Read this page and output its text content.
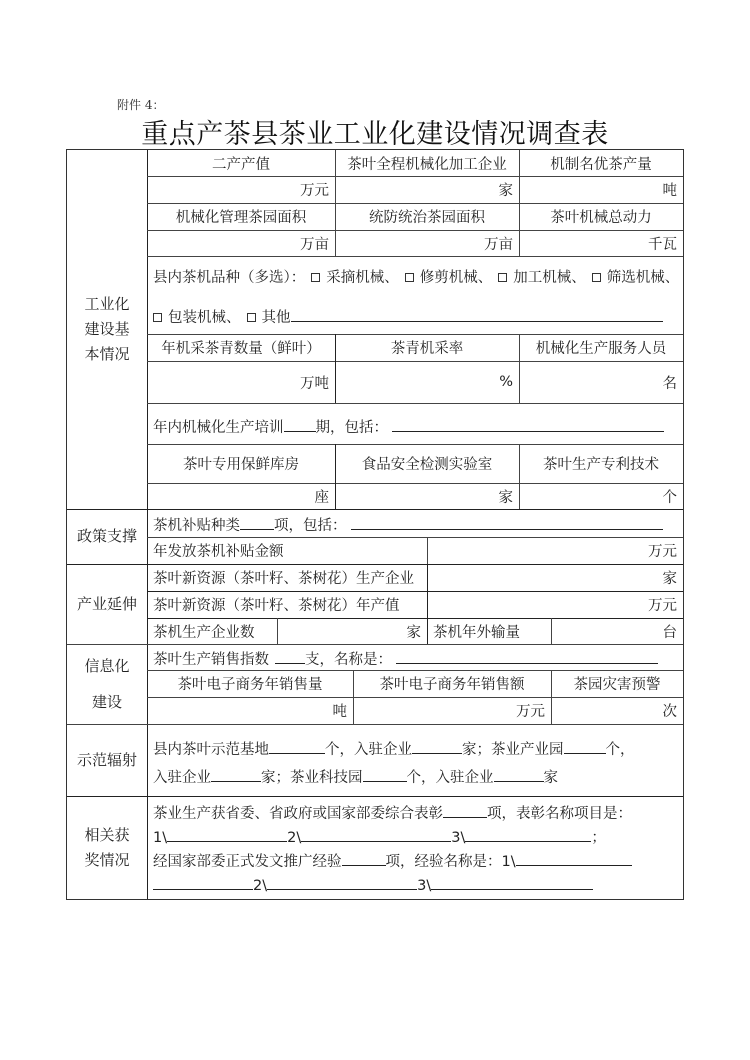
附件 4：
重点产茶县茶业工业化建设情况调查表
工业化
建设基
本情况
二产产值	茶叶全程机械化加工企业	机制名优茶产量
万元	家	吨
机械化管理茶园面积	统防统治茶园面积	茶叶机械总动力
万亩	万亩	千瓦
县内茶机品种（多选）： 采摘机械、 修剪机械、 加工机械、 筛选机械、
包装机械、 其他
年机采茶青数量（鲜叶）	茶青机采率	机械化生产服务人员
万吨	%	名
年内机械化生产培训 期，包括：
茶叶专用保鲜库房	食品安全检测实验室	茶叶生产专利技术
座	家	个
政策支撑
茶机补贴种类 项，包括：
年发放茶机补贴金额	万元
产业延伸
茶叶新资源（茶叶籽、茶树花）生产企业	家
茶叶新资源（茶叶籽、茶树花）年产值	万元
茶机生产企业数	家 茶机年外输量	台
信息化
建设
茶叶生产销售指数 支，名称是：
茶叶电子商务年销售量	茶叶电子商务年销售额	茶园灾害预警
吨	万元	次
示范辐射
县内茶叶示范基地	个，入驻企业	家；茶业产业园	个，
入驻企业	家；茶业科技园	个，入驻企业	家
相关获
奖情况
茶业生产获省委、省政府或国家部委综合表彰	项，表彰名称项目是：
1\	2\	3\	；
经国家部委正式发文推广经验	项，经验名称是：1\
2\	3\
